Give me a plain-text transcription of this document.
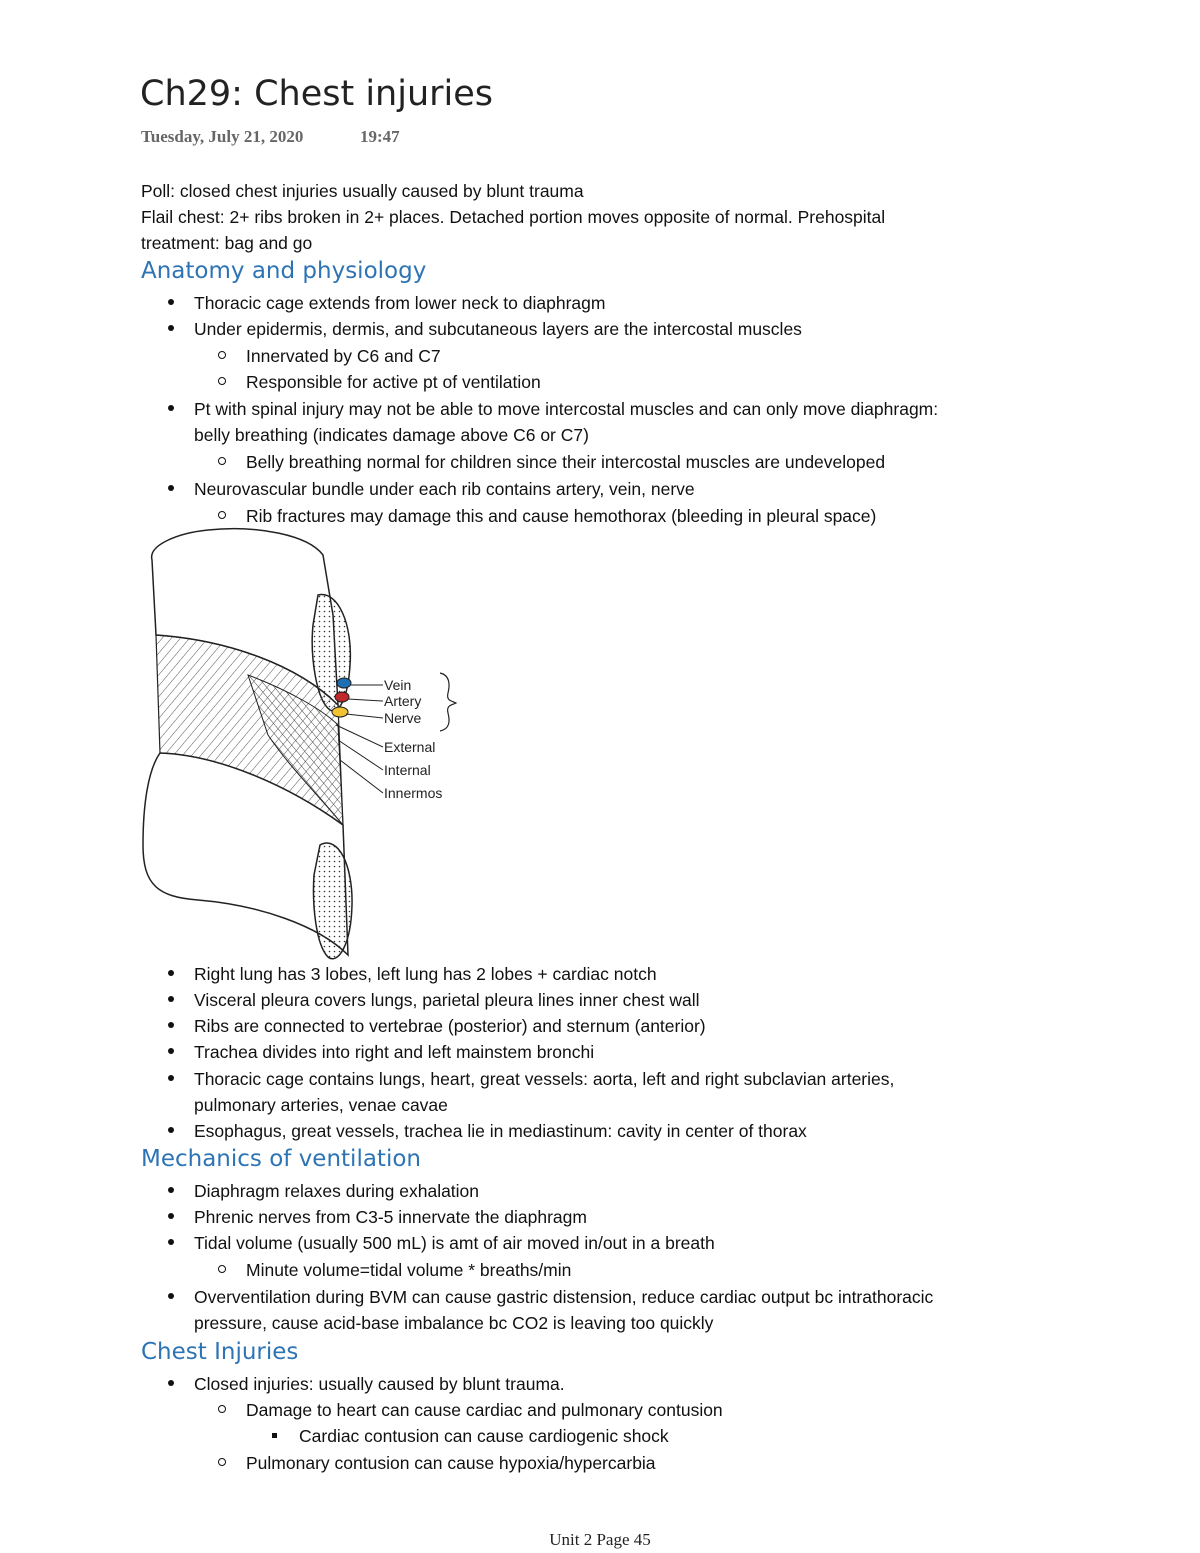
Ch29: Chest injuries
Tuesday, July 21, 2020	19:47
Poll: closed chest injuries usually caused by blunt trauma
Flail chest: 2+ ribs broken in 2+ places. Detached portion moves opposite of normal. Prehospital
treatment: bag and go
Anatomy and physiology
Thoracic cage extends from lower neck to diaphragm
Under epidermis, dermis, and subcutaneous layers are the intercostal muscles
Innervated by C6 and C7
Responsible for active pt of ventilation
Pt with spinal injury may not be able to move intercostal muscles and can only move diaphragm:
belly breathing (indicates damage above C6 or C7)
Belly breathing normal for children since their intercostal muscles are undeveloped
Neurovascular bundle under each rib contains artery, vein, nerve
Rib fractures may damage this and cause hemothorax (bleeding in pleural space)
Vein
Artery
Nerve
External
Internal
Innermos
Right lung has 3 lobes, left lung has 2 lobes + cardiac notch
Visceral pleura covers lungs, parietal pleura lines inner chest wall
Ribs are connected to vertebrae (posterior) and sternum (anterior)
Trachea divides into right and left mainstem bronchi
Thoracic cage contains lungs, heart, great vessels: aorta, left and right subclavian arteries,
pulmonary arteries, venae cavae
Esophagus, great vessels, trachea lie in mediastinum: cavity in center of thorax
Mechanics of ventilation
Diaphragm relaxes during exhalation
Phrenic nerves from C3-5 innervate the diaphragm
Tidal volume (usually 500 mL) is amt of air moved in/out in a breath
Minute volume=tidal volume * breaths/min
Overventilation during BVM can cause gastric distension, reduce cardiac output bc intrathoracic
pressure, cause acid-base imbalance bc CO2 is leaving too quickly
Chest Injuries
Closed injuries: usually caused by blunt trauma.
Damage to heart can cause cardiac and pulmonary contusion
Cardiac contusion can cause cardiogenic shock
Pulmonary contusion can cause hypoxia/hypercarbia
Unit 2 Page 45
